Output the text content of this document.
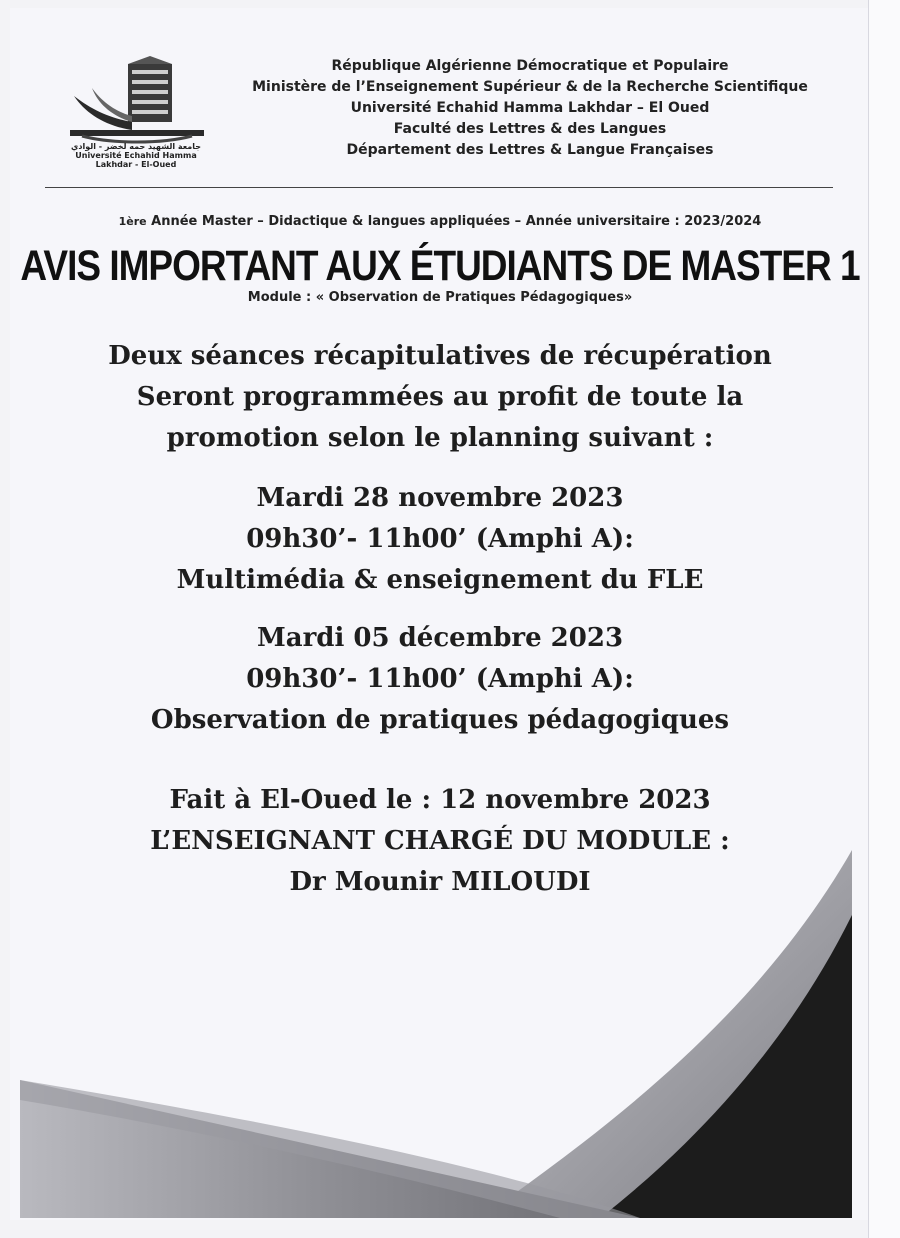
جامعة الشهيد حمه لخضر - الوادي
Université Echahid Hamma Lakhdar - El-Oued
République Algérienne Démocratique et Populaire
Ministère de l’Enseignement Supérieur & de la Recherche Scientifique
Université Echahid Hamma Lakhdar – El Oued
Faculté des Lettres & des Langues
Département des Lettres & Langue Françaises
1ère Année Master – Didactique & langues appliquées – Année universitaire : 2023/2024
AVIS IMPORTANT AUX ÉTUDIANTS DE MASTER 1
Module : « Observation de Pratiques Pédagogiques»
Deux séances récapitulatives de récupération
Seront programmées au profit de toute la
promotion selon le planning suivant :
Mardi 28 novembre 2023
09h30’- 11h00’ (Amphi A):
Multimédia & enseignement du FLE
Mardi 05 décembre 2023
09h30’- 11h00’ (Amphi A):
Observation de pratiques pédagogiques
Fait à El-Oued le : 12 novembre 2023
L’ENSEIGNANT CHARGÉ DU MODULE :
Dr Mounir MILOUDI
